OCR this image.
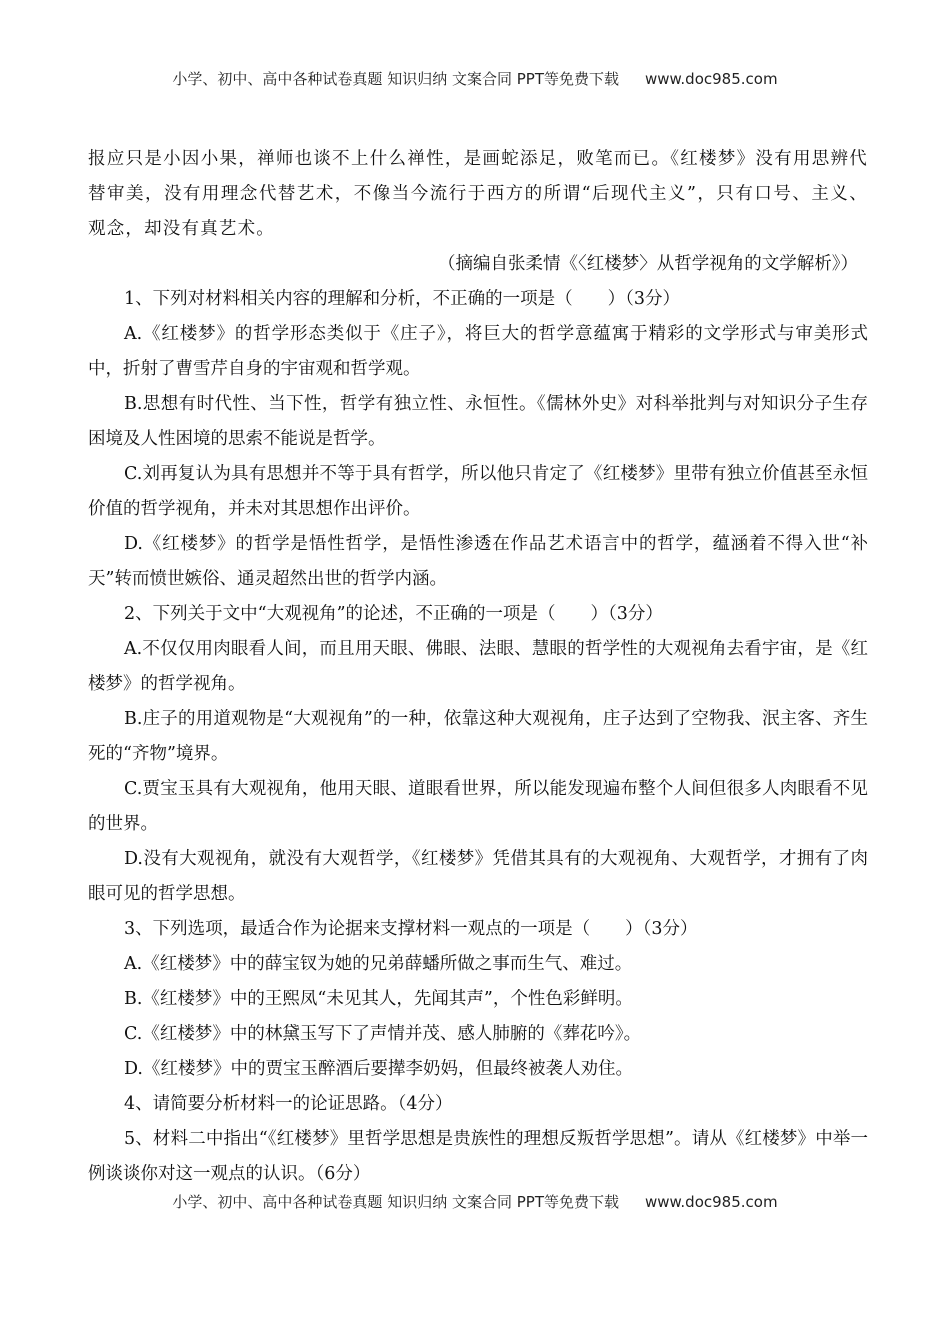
小学、初中、高中各种试卷真题 知识归纳 文案合同 PPT等免费下载 www.doc985.com

报应只是小因小果，禅师也谈不上什么禅性，是画蛇添足，败笔而已。《红楼梦》没有用思辨代替审美，没有用理念代替艺术，不像当今流行于西方的所谓“后现代主义”，只有口号、主义、观念，却没有真艺术。

（摘编自张柔情《〈红楼梦〉从哲学视角的文学解析》）

1、下列对材料相关内容的理解和分析，不正确的一项是（　　）（3分）

A.《红楼梦》的哲学形态类似于《庄子》，将巨大的哲学意蕴寓于精彩的文学形式与审美形式中，折射了曹雪芹自身的宇宙观和哲学观。

B.思想有时代性、当下性，哲学有独立性、永恒性。《儒林外史》对科举批判与对知识分子生存困境及人性困境的思索不能说是哲学。

C.刘再复认为具有思想并不等于具有哲学，所以他只肯定了《红楼梦》里带有独立价值甚至永恒价值的哲学视角，并未对其思想作出评价。

D.《红楼梦》的哲学是悟性哲学，是悟性渗透在作品艺术语言中的哲学，蕴涵着不得入世“补天”转而愤世嫉俗、通灵超然出世的哲学内涵。

2、下列关于文中“大观视角”的论述，不正确的一项是（　　）（3分）

A.不仅仅用肉眼看人间，而且用天眼、佛眼、法眼、慧眼的哲学性的大观视角去看宇宙，是《红楼梦》的哲学视角。

B.庄子的用道观物是“大观视角”的一种，依靠这种大观视角，庄子达到了空物我、泯主客、齐生死的“齐物”境界。

C.贾宝玉具有大观视角，他用天眼、道眼看世界，所以能发现遍布整个人间但很多人肉眼看不见的世界。

D.没有大观视角，就没有大观哲学，《红楼梦》凭借其具有的大观视角、大观哲学，才拥有了肉眼可见的哲学思想。

3、下列选项，最适合作为论据来支撑材料一观点的一项是（　　）（3分）

A.《红楼梦》中的薛宝钗为她的兄弟薛蟠所做之事而生气、难过。

B.《红楼梦》中的王熙凤“未见其人，先闻其声”，个性色彩鲜明。

C.《红楼梦》中的林黛玉写下了声情并茂、感人肺腑的《葬花吟》。

D.《红楼梦》中的贾宝玉醉酒后要撵李奶妈，但最终被袭人劝住。

4、请简要分析材料一的论证思路。（4分）

5、材料二中指出“《红楼梦》里哲学思想是贵族性的理想反叛哲学思想”。请从《红楼梦》中举一例谈谈你对这一观点的认识。（6分）

小学、初中、高中各种试卷真题 知识归纳 文案合同 PPT等免费下载 www.doc985.com
